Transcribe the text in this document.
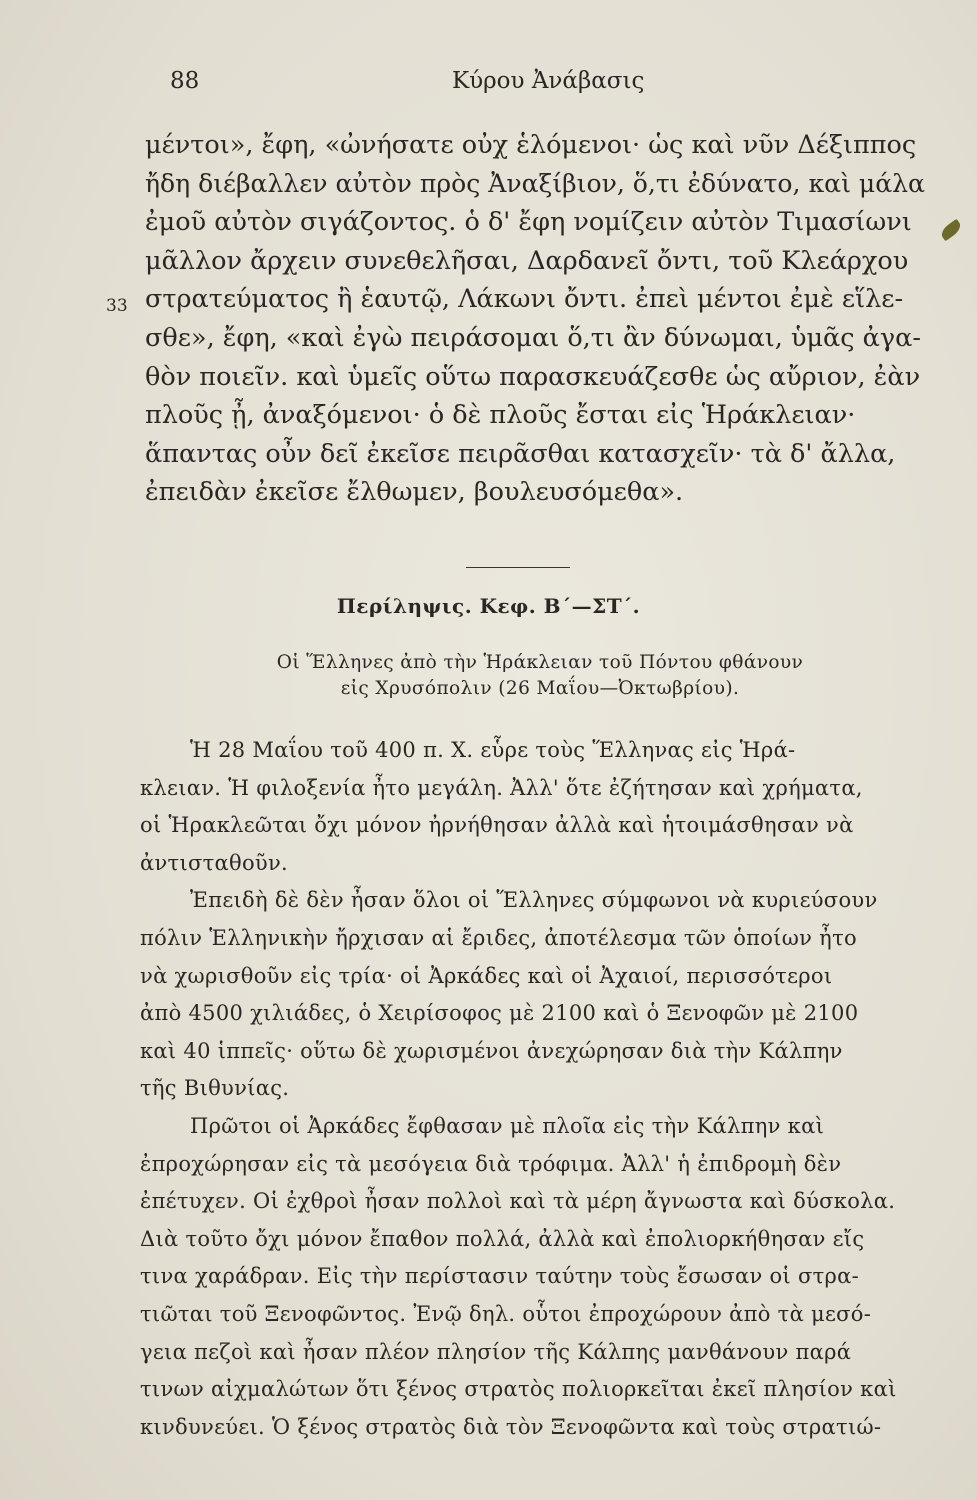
88	Κύρου Ἀνάβασις
33
μέντοι», ἔφη, «ὠνήσατε οὐχ ἑλόμενοι· ὡς καὶ νῦν Δέξιππος
ἤδη διέβαλλεν αὐτὸν πρὸς Ἀναξίβιον, ὅ,τι ἐδύνατο, καὶ μάλα
ἐμοῦ αὐτὸν σιγάζοντος. ὁ δ' ἔφη νομίζειν αὐτὸν Τιμασίωνι
μᾶλλον ἄρχειν συνεθελῆσαι, Δαρδανεῖ ὄντι, τοῦ Κλεάρχου
στρατεύματος ἢ ἑαυτῷ, Λάκωνι ὄντι. ἐπεὶ μέντοι ἐμὲ εἵλε-
σθε», ἔφη, «καὶ ἐγὼ πειράσομαι ὅ,τι ἂν δύνωμαι, ὑμᾶς ἀγα-
θὸν ποιεῖν. καὶ ὑμεῖς οὕτω παρασκευάζεσθε ὡς αὔριον, ἐὰν
πλοῦς ᾖ, ἀναξόμενοι· ὁ δὲ πλοῦς ἔσται εἰς Ἡράκλειαν·
ἅπαντας οὖν δεῖ ἐκεῖσε πειρᾶσθαι κατασχεῖν· τὰ δ' ἄλλα,
ἐπειδὰν ἐκεῖσε ἔλθωμεν, βουλευσόμεθα».
Περίληψις. Κεφ. Β΄—ΣΤ΄.
Οἱ Ἕλληνες ἀπὸ τὴν Ἡράκλειαν τοῦ Πόντου φθάνουν
εἰς Χρυσόπολιν (26 Μαΐου—Ὀκτωβρίου).
Ἡ 28 Μαΐου τοῦ 400 π. Χ. εὗρε τοὺς Ἕλληνας εἰς Ἡρά-
κλειαν. Ἡ φιλοξενία ἦτο μεγάλη. Ἀλλ' ὅτε ἐζήτησαν καὶ χρήματα,
οἱ Ἡρακλεῶται ὄχι μόνον ἠρνήθησαν ἀλλὰ καὶ ἡτοιμάσθησαν νὰ
ἀντισταθοῦν.
Ἐπειδὴ δὲ δὲν ἦσαν ὅλοι οἱ Ἕλληνες σύμφωνοι νὰ κυριεύσουν
πόλιν Ἑλληνικὴν ἤρχισαν αἱ ἔριδες, ἀποτέλεσμα τῶν ὁποίων ἦτο
νὰ χωρισθοῦν εἰς τρία· οἱ Ἀρκάδες καὶ οἱ Ἀχαιοί, περισσότεροι
ἀπὸ 4500 χιλιάδες, ὁ Χειρίσοφος μὲ 2100 καὶ ὁ Ξενοφῶν μὲ 2100
καὶ 40 ἱππεῖς· οὕτω δὲ χωρισμένοι ἀνεχώρησαν διὰ τὴν Κάλπην
τῆς Βιθυνίας.
Πρῶτοι οἱ Ἀρκάδες ἔφθασαν μὲ πλοῖα εἰς τὴν Κάλπην καὶ
ἐπροχώρησαν εἰς τὰ μεσόγεια διὰ τρόφιμα. Ἀλλ' ἡ ἐπιδρομὴ δὲν
ἐπέτυχεν. Οἱ ἐχθροὶ ἦσαν πολλοὶ καὶ τὰ μέρη ἄγνωστα καὶ δύσκολα.
Διὰ τοῦτο ὄχι μόνον ἔπαθον πολλά, ἀλλὰ καὶ ἐπολιορκήθησαν εἴς
τινα χαράδραν. Εἰς τὴν περίστασιν ταύτην τοὺς ἔσωσαν οἱ στρα-
τιῶται τοῦ Ξενοφῶντος. Ἐνῷ δηλ. οὗτοι ἐπροχώρουν ἀπὸ τὰ μεσό-
γεια πεζοὶ καὶ ἦσαν πλέον πλησίον τῆς Κάλπης μανθάνουν παρά
τινων αἰχμαλώτων ὅτι ξένος στρατὸς πολιορκεῖται ἐκεῖ πλησίον καὶ
κινδυνεύει. Ὁ ξένος στρατὸς διὰ τὸν Ξενοφῶντα καὶ τοὺς στρατιώ-
